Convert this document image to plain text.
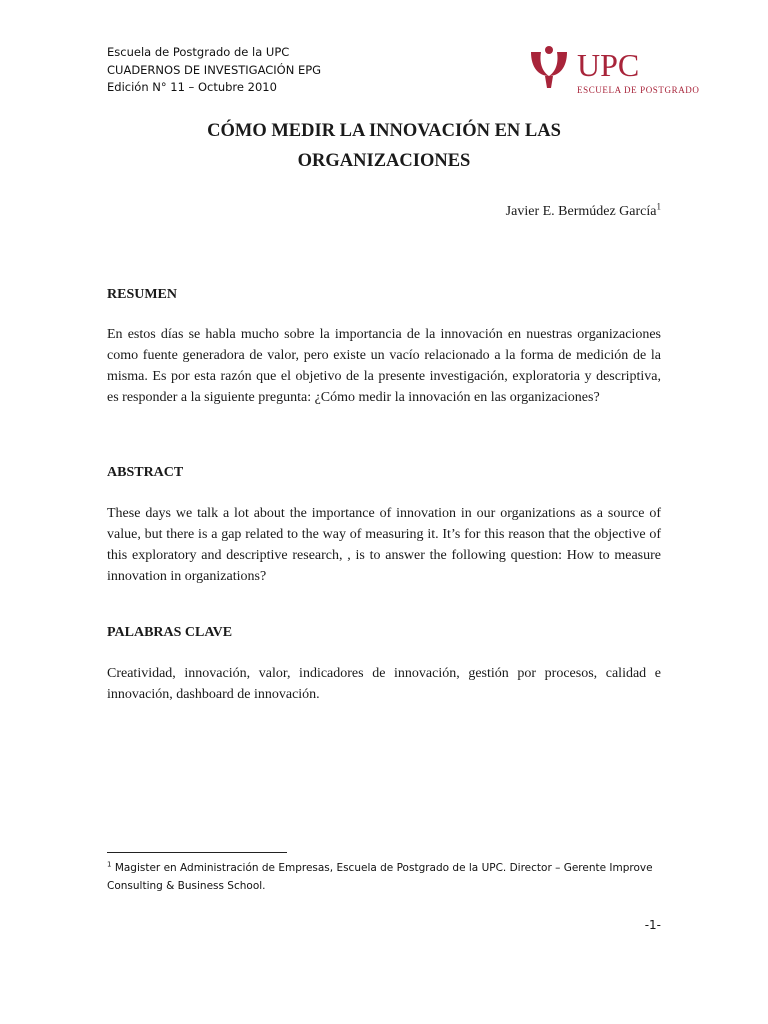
Escuela de Postgrado de la UPC
CUADERNOS DE INVESTIGACIÓN EPG
Edición N° 11 – Octubre 2010
UPC
ESCUELA DE POSTGRADO
CÓMO MEDIR LA INNOVACIÓN EN LAS
ORGANIZACIONES
Javier E. Bermúdez García$^1$
RESUMEN
En estos días se habla mucho sobre la importancia de la innovación en nuestras organizaciones como fuente generadora de valor, pero existe un vacío relacionado a la forma de medición de la misma. Es por esta razón que el objetivo de la presente investigación, exploratoria y descriptiva, es responder a la siguiente pregunta: ¿Cómo medir la innovación en las organizaciones?
ABSTRACT
These days we talk a lot about the importance of innovation in our organizations as a source of value, but there is a gap related to the way of measuring it. It’s for this reason that the objective of this exploratory and descriptive research, , is to answer the following question: How to measure innovation in organizations?
PALABRAS CLAVE
Creatividad, innovación, valor, indicadores de innovación, gestión por procesos, calidad e innovación, dashboard de innovación.
$^1$ Magister en Administración de Empresas, Escuela de Postgrado de la UPC. Director – Gerente Improve Consulting & Business School.
-1-
